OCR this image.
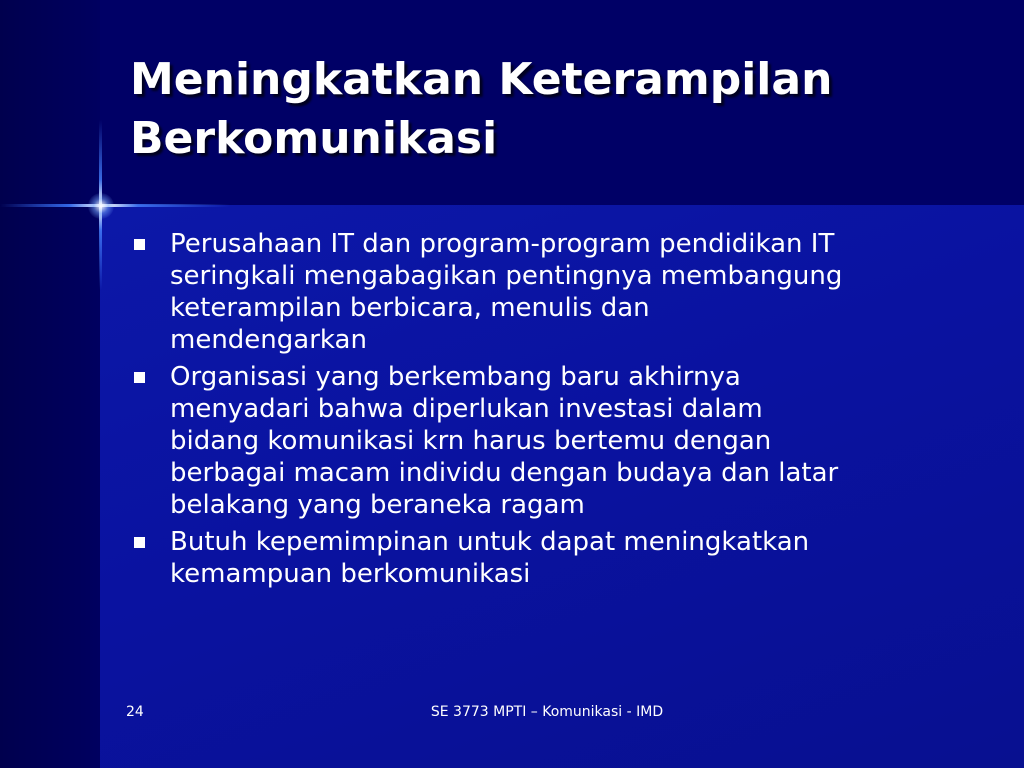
Meningkatkan Keterampilan
Berkomunikasi
Perusahaan IT dan program-program pendidikan IT
seringkali mengabagikan pentingnya membangung
keterampilan berbicara, menulis dan
mendengarkan
Organisasi yang berkembang baru akhirnya
menyadari bahwa diperlukan investasi dalam
bidang komunikasi krn harus bertemu dengan
berbagai macam individu dengan budaya dan latar
belakang yang beraneka ragam
Butuh kepemimpinan untuk dapat meningkatkan
kemampuan berkomunikasi
24	SE 3773 MPTI – Komunikasi - IMD
